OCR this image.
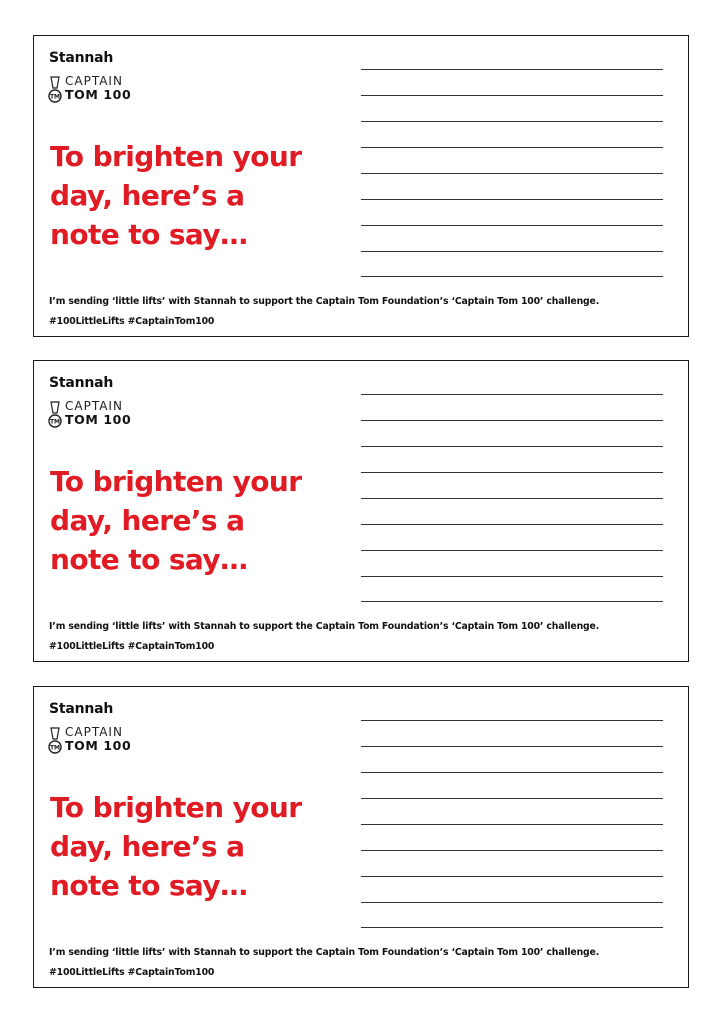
Stannah
TM
CAPTAIN
TOM 100
To brighten your
day, here’s a
note to say…
I’m sending ‘little lifts’ with Stannah to support the Captain Tom Foundation’s ‘Captain Tom 100’ challenge.
#100LittleLifts #CaptainTom100
Stannah
TM
CAPTAIN
TOM 100
To brighten your
day, here’s a
note to say…
I’m sending ‘little lifts’ with Stannah to support the Captain Tom Foundation’s ‘Captain Tom 100’ challenge.
#100LittleLifts #CaptainTom100
Stannah
TM
CAPTAIN
TOM 100
To brighten your
day, here’s a
note to say…
I’m sending ‘little lifts’ with Stannah to support the Captain Tom Foundation’s ‘Captain Tom 100’ challenge.
#100LittleLifts #CaptainTom100
